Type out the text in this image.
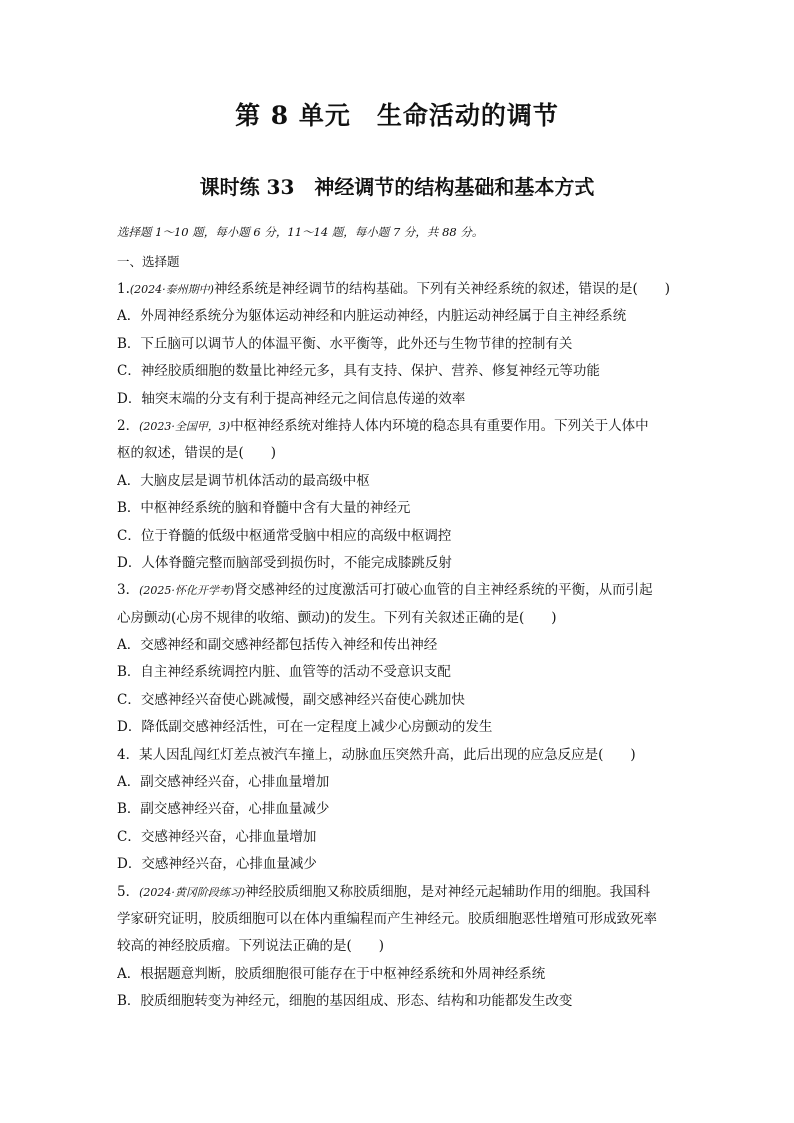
第 8 单元　生命活动的调节
课时练 33　神经调节的结构基础和基本方式
选择题 1～10 题，每小题 6 分，11～14 题，每小题 7 分，共 88 分。
一、选择题
1.(2024·泰州期中)神经系统是神经调节的结构基础。下列有关神经系统的叙述，错误的是(　　)
A．外周神经系统分为躯体运动神经和内脏运动神经，内脏运动神经属于自主神经系统
B．下丘脑可以调节人的体温平衡、水平衡等，此外还与生物节律的控制有关
C．神经胶质细胞的数量比神经元多，具有支持、保护、营养、修复神经元等功能
D．轴突末端的分支有利于提高神经元之间信息传递的效率
2．(2023·全国甲，3)中枢神经系统对维持人体内环境的稳态具有重要作用。下列关于人体中
枢的叙述，错误的是(　　)
A．大脑皮层是调节机体活动的最高级中枢
B．中枢神经系统的脑和脊髓中含有大量的神经元
C．位于脊髓的低级中枢通常受脑中相应的高级中枢调控
D．人体脊髓完整而脑部受到损伤时，不能完成膝跳反射
3．(2025·怀化开学考)肾交感神经的过度激活可打破心血管的自主神经系统的平衡，从而引起
心房颤动(心房不规律的收缩、颤动)的发生。下列有关叙述正确的是(　　)
A．交感神经和副交感神经都包括传入神经和传出神经
B．自主神经系统调控内脏、血管等的活动不受意识支配
C．交感神经兴奋使心跳减慢，副交感神经兴奋使心跳加快
D．降低副交感神经活性，可在一定程度上减少心房颤动的发生
4．某人因乱闯红灯差点被汽车撞上，动脉血压突然升高，此后出现的应急反应是(　　)
A．副交感神经兴奋，心排血量增加
B．副交感神经兴奋，心排血量减少
C．交感神经兴奋，心排血量增加
D．交感神经兴奋，心排血量减少
5．(2024·黄冈阶段练习)神经胶质细胞又称胶质细胞，是对神经元起辅助作用的细胞。我国科
学家研究证明，胶质细胞可以在体内重编程而产生神经元。胶质细胞恶性增殖可形成致死率
较高的神经胶质瘤。下列说法正确的是(　　)
A．根据题意判断，胶质细胞很可能存在于中枢神经系统和外周神经系统
B．胶质细胞转变为神经元，细胞的基因组成、形态、结构和功能都发生改变
